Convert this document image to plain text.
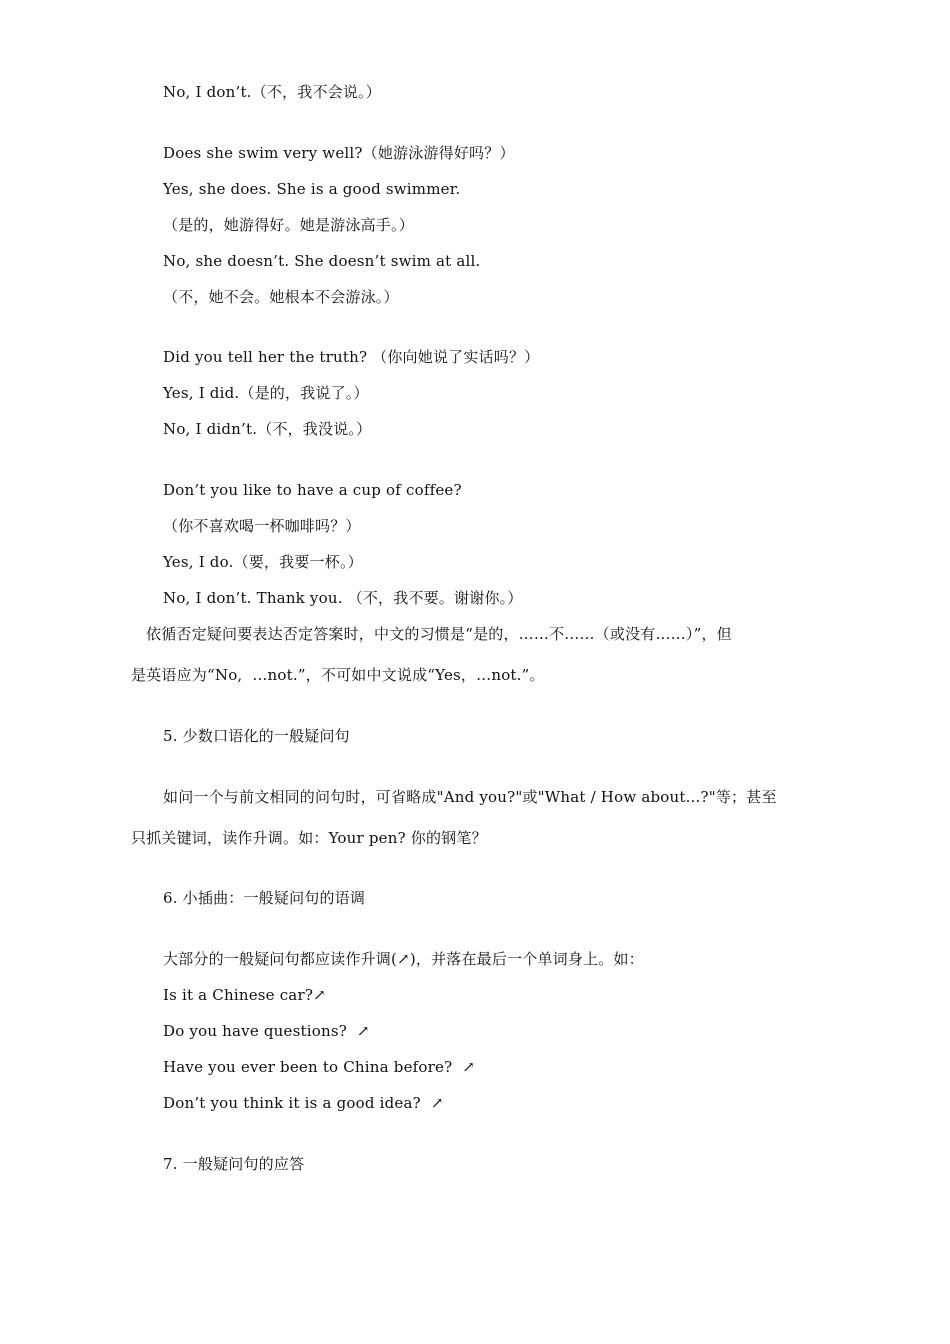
No, I don’t.（不，我不会说。）
Does she swim very well?（她游泳游得好吗？）
Yes, she does. She is a good swimmer.
（是的，她游得好。她是游泳高手。）
No, she doesn’t. She doesn’t swim at all.
（不，她不会。她根本不会游泳。）
Did you tell her the truth? （你向她说了实话吗？）
Yes, I did.（是的，我说了。）
No, I didn’t.（不，我没说。）
Don’t you like to have a cup of coffee?
（你不喜欢喝一杯咖啡吗？）
Yes, I do.（要，我要一杯。）
No, I don’t. Thank you. （不，我不要。谢谢你。）
依循否定疑问要表达否定答案时，中文的习惯是“是的，……不……（或没有……）”，但
是英语应为“No,  …not.”，不可如中文说成“Yes，…not.”。
5. 少数口语化的一般疑问句
如问一个与前文相同的问句时，可省略成"And you?"或"What / How about...?"等；甚至
只抓关键词，读作升调。如：Your pen? 你的钢笔？
6. 小插曲：一般疑问句的语调
大部分的一般疑问句都应读作升调(↗)，并落在最后一个单词身上。如：
Is it a Chinese car?↗
Do you have questions?  ↗
Have you ever been to China before?  ↗
Don’t you think it is a good idea?  ↗
7. 一般疑问句的应答
